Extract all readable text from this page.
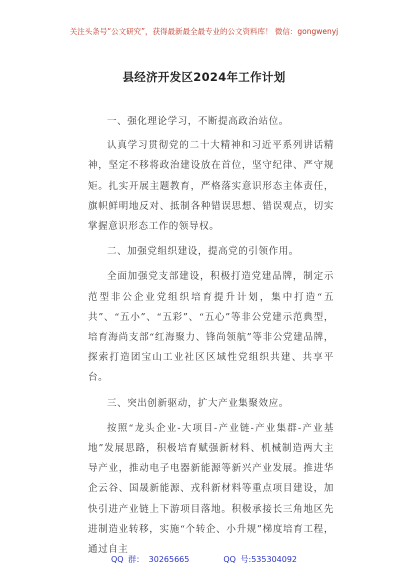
关注头条号“公文研究”，获得最新最全最专业的公文资料库！ 微信：gongwenyj
县经济开发区2024年工作计划

一、强化理论学习，不断提高政治站位。

认真学习贯彻党的二十大精神和习近平系列讲话精神，坚定不移将政治建设放在首位，坚守纪律、严守规矩。扎实开展主题教育，严格落实意识形态主体责任，旗帜鲜明地反对、抵制各种错误思想、错误观点，切实掌握意识形态工作的领导权。

二、加强党组织建设，提高党的引领作用。

全面加强党支部建设，积极打造党建品牌，制定示范型非公企业党组织培育提升计划，集中打造“五共”、“五小”、“五彩”、“五心”等非公党建示范典型，培育海尚支部“红海聚力、锋尚领航”等非公党建品牌，探索打造团宝山工业社区区域性党组织共建、共享平台。

三、突出创新驱动，扩大产业集聚效应。

按照“龙头企业-大项目-产业链-产业集群-产业基地”发展思路，积极培育赋强新材料、机械制造两大主导产业，推动电子电器新能源等新兴产业发展。推进华企云谷、国晟新能源、戎科新材料等重点项目建设，加快引进产业链上下游项目落地。积极承接长三角地区先进制造业转移，实施“个转企、小升规”梯度培育工程，通过自主

QQ 群： 30265665	QQ 号:535304092
